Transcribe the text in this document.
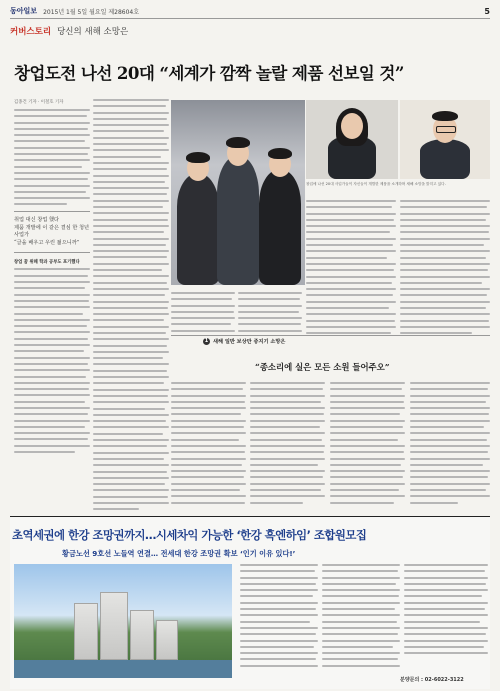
동아일보 2015년 1월 5일 월요일 제28604호	5
커버스토리 당신의 새해 소망은
창업도전 나선 20대 “세계가 깜짝 놀랄 제품 선보일 것”
김종건 기자 · 이철호 기자
취업 대신 창업 했다
제품 개발에 이 같은 결심 한 청년 사업가
“글을 배우고 우린 젊으니까”
창업 꿈 위해 학과 공부도 포기했다
창업에 나선 20대 사업가들이 자신들이 개발한 제품을 소개하며 새해 소망을 밝히고 있다.
1 새해 일반 보상만 증지기 소망은
“종소리에 실은 모든 소원 들어주오”
초역세권에 한강 조망권까지…시세차익 가능한 ‘한강 흑엔하임’ 조합원모집
황금노선 9호선 노들역 연결… 전세대 한강 조망권 확보 ‘인기 이유 있다!’
분양문의 : 02-6022-3122
